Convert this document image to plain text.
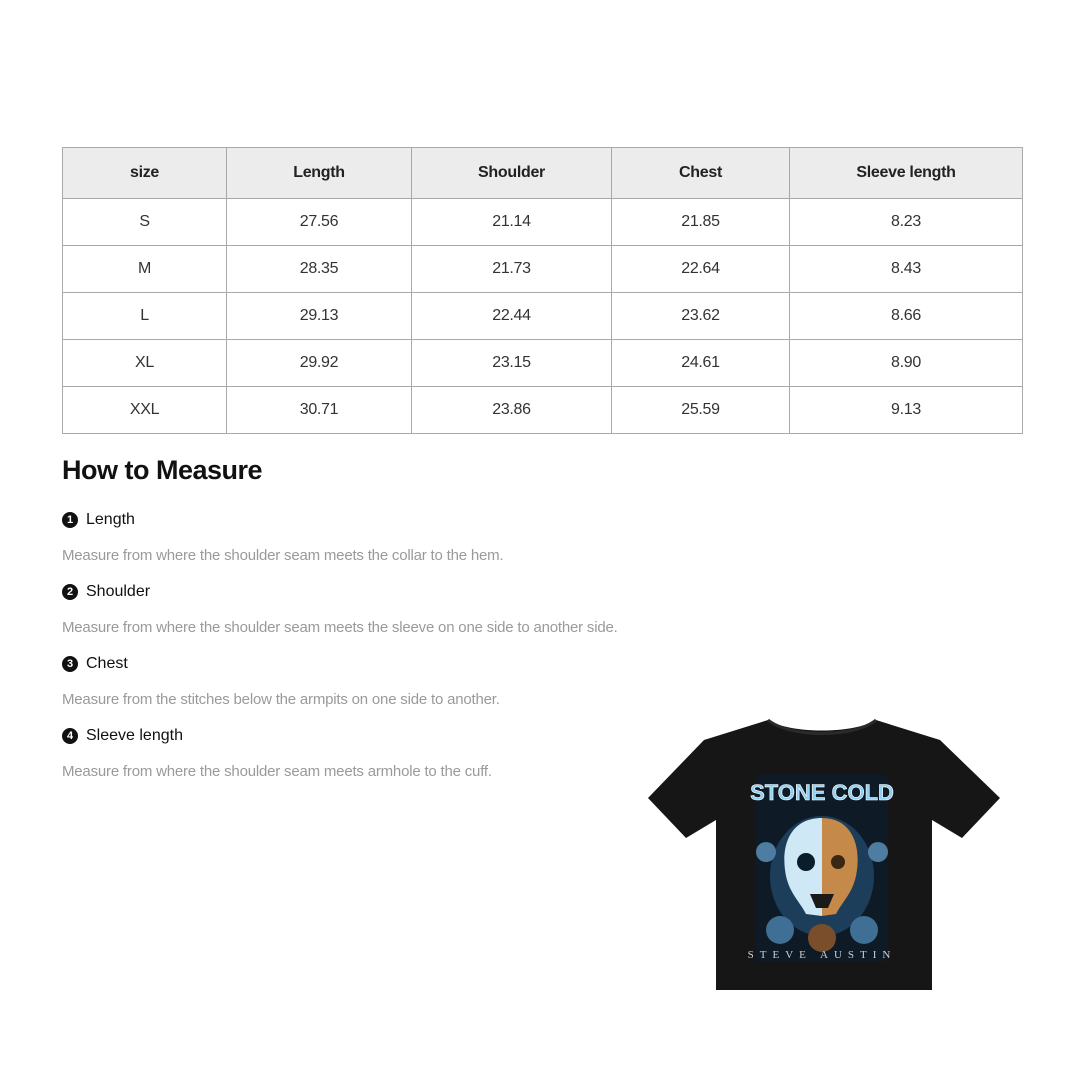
size	Length	Shoulder	Chest	Sleeve length
S	27.56	21.14	21.85	8.23
M	28.35	21.73	22.64	8.43
L	29.13	22.44	23.62	8.66
XL	29.92	23.15	24.61	8.90
XXL	30.71	23.86	25.59	9.13
How to Measure
1 Length
Measure from where the shoulder seam meets the collar to the hem.
2 Shoulder
Measure from where the shoulder seam meets the sleeve on one side to another side.
3 Chest
Measure from the stitches below the armpits on one side to another.
4 Sleeve length
Measure from where the shoulder seam meets armhole to the cuff.
STONE COLD
STEVE AUSTIN
